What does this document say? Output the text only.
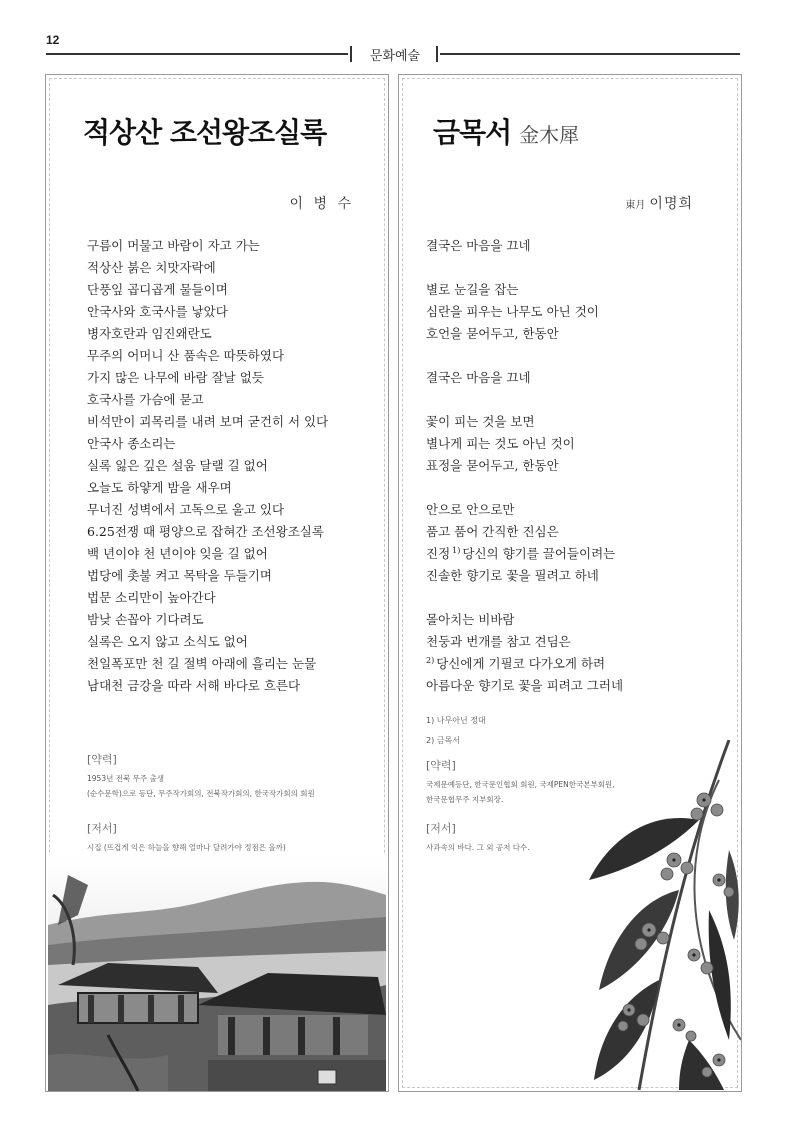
12
문화예술
적상산 조선왕조실록
이 병 수
구름이 머물고 바람이 자고 가는
적상산 붉은 치맛자락에
단풍잎 곱디곱게 물들이며
안국사와 호국사를 낳았다
병자호란과 임진왜란도
무주의 어머니 산 품속은 따뜻하였다
가지 많은 나무에 바람 잘날 없듯
호국사를 가슴에 묻고
비석만이 괴목리를 내려 보며 굳건히 서 있다
안국사 종소리는
실록 잃은 깊은 설움 달랠 길 없어
오늘도 하얗게 밤을 새우며
무너진 성벽에서 고독으로 울고 있다
6.25전쟁 때 평양으로 잡혀간 조선왕조실록
백 년이야 천 년이야 잊을 길 없어
법당에 촛불 켜고 목탁을 두들기며
법문 소리만이 높아간다
밤낮 손꼽아 기다려도
실록은 오지 않고 소식도 없어
천일폭포만 천 길 절벽 아래에 흘리는 눈물
남대천 금강을 따라 서해 바다로 흐른다
[약력]
1953년 전북 무주 출생
(순수문학)으로 등단, 무주작가회의, 전북작가회의, 한국작가회의 회원
[저서]
시집 (뜨겁게 익은 하늘을 향해 얼마나 달려가야 정점은 올까)
금목서 金木犀
東月 이명희
결국은 마음을 끄네
별로 눈길을 잡는
심란을 피우는 나무도 아닌 것이
호언을 묻어두고, 한동안
결국은 마음을 끄네
꽃이 피는 것을 보면
별나게 피는 것도 아닌 것이
표정을 묻어두고, 한동안
안으로 안으로만
품고 품어 간직한 진심은
진정 $^{1)}$ 당신의 향기를 끌어들이려는
진솔한 향기로 꽃을 필려고 하네
몰아치는 비바람
천둥과 번개를 참고 견딤은
$^{2)}$ 당신에게 기필코 다가오게 하려
아름다운 향기로 꽃을 피려고 그러네
1) 나무아닌 정대
2) 금목서
[약력]
국제문예등단, 한국문인협회 회원, 국제PEN한국본부회원,
한국문협무주 지부회장.
[저서]
사과속의 바다. 그 외 공저 다수.
